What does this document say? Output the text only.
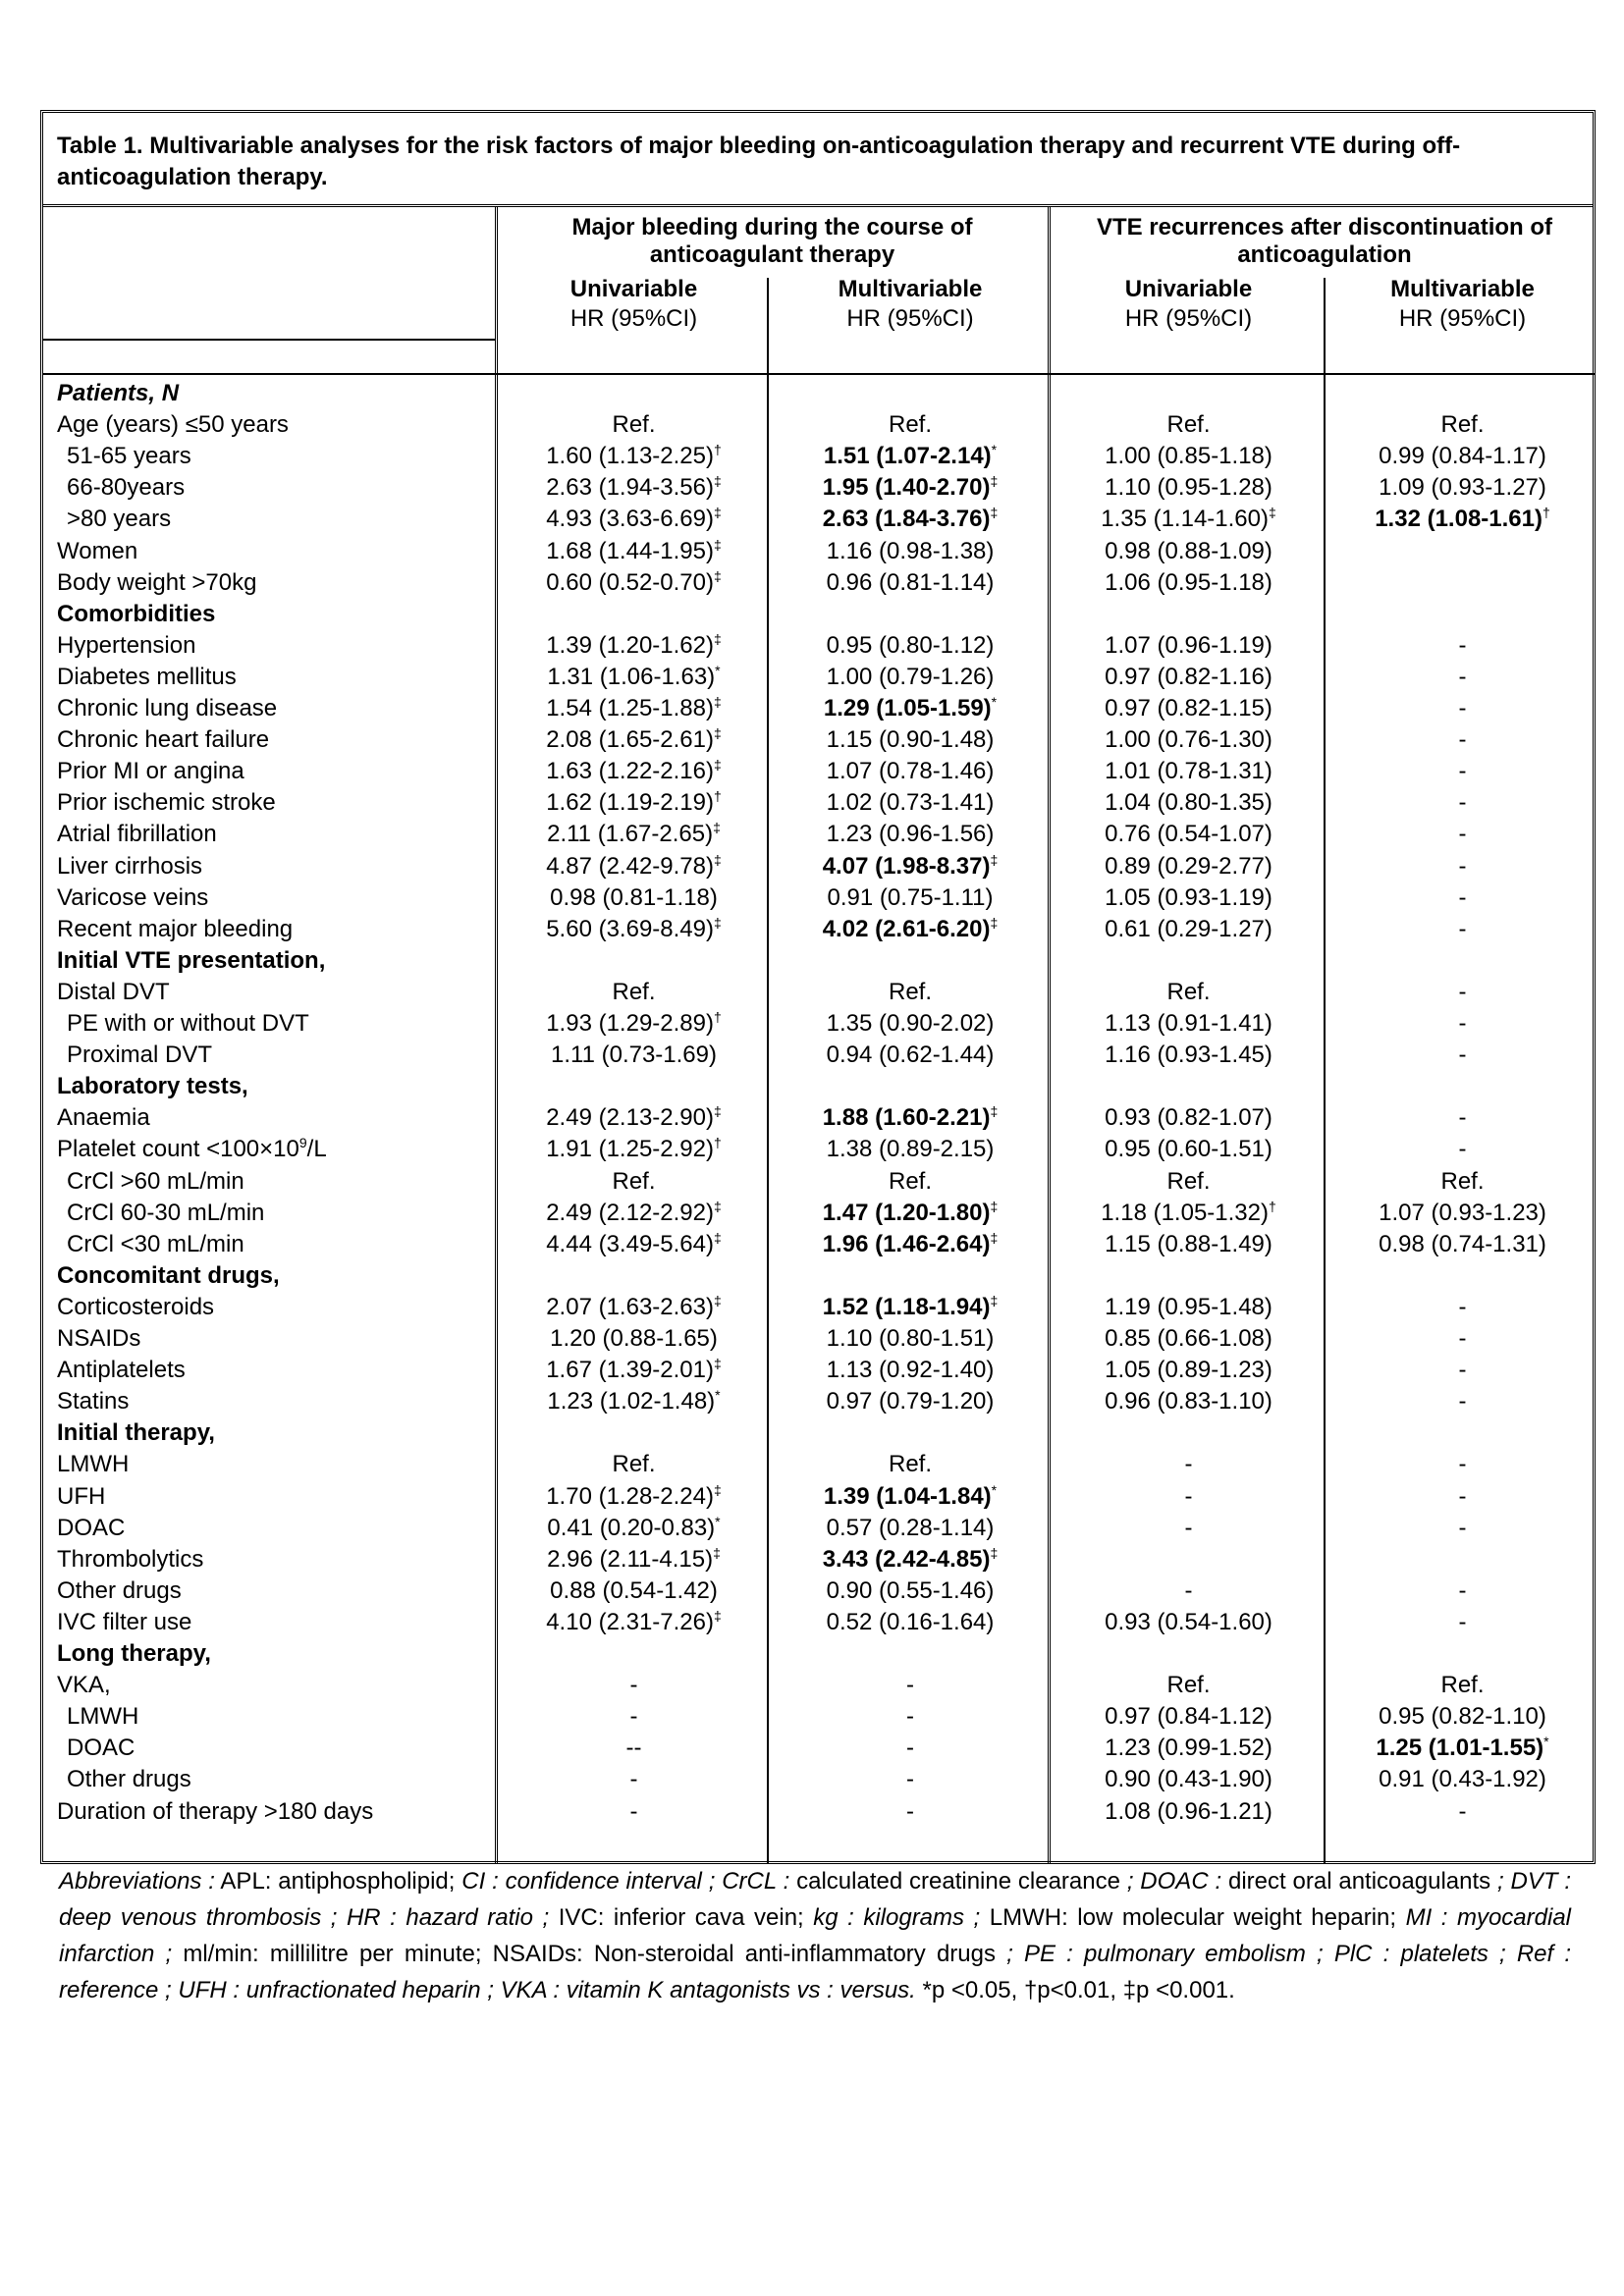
Table 1. Multivariable analyses for the risk factors of major bleeding on-anticoagulation therapy and recurrent VTE during off-anticoagulation therapy.
Major bleeding during the course of anticoagulant therapy
VTE recurrences after discontinuation of anticoagulation
Univariable
HR (95%CI)
Multivariable
HR (95%CI)
Univariable
HR (95%CI)
Multivariable
HR (95%CI)
Patients, N
Age (years) ≤50 years	Ref.	Ref.	Ref.	Ref.
51-65 years	1.60 (1.13-2.25)†	1.51 (1.07-2.14)*	1.00 (0.85-1.18)	0.99 (0.84-1.17)
66-80years	2.63 (1.94-3.56)‡	1.95 (1.40-2.70)‡	1.10 (0.95-1.28)	1.09 (0.93-1.27)
>80 years	4.93 (3.63-6.69)‡	2.63 (1.84-3.76)‡	1.35 (1.14-1.60)‡	1.32 (1.08-1.61)†
Women	1.68 (1.44-1.95)‡	1.16 (0.98-1.38)	0.98 (0.88-1.09)
Body weight >70kg	0.60 (0.52-0.70)‡	0.96 (0.81-1.14)	1.06 (0.95-1.18)
Comorbidities
Hypertension	1.39 (1.20-1.62)‡	0.95 (0.80-1.12)	1.07 (0.96-1.19)	-
Diabetes mellitus	1.31 (1.06-1.63)*	1.00 (0.79-1.26)	0.97 (0.82-1.16)	-
Chronic lung disease	1.54 (1.25-1.88)‡	1.29 (1.05-1.59)*	0.97 (0.82-1.15)	-
Chronic heart failure	2.08 (1.65-2.61)‡	1.15 (0.90-1.48)	1.00 (0.76-1.30)	-
Prior MI or angina	1.63 (1.22-2.16)‡	1.07 (0.78-1.46)	1.01 (0.78-1.31)	-
Prior ischemic stroke	1.62 (1.19-2.19)†	1.02 (0.73-1.41)	1.04 (0.80-1.35)	-
Atrial fibrillation	2.11 (1.67-2.65)‡	1.23 (0.96-1.56)	0.76 (0.54-1.07)	-
Liver cirrhosis	4.87 (2.42-9.78)‡	4.07 (1.98-8.37)‡	0.89 (0.29-2.77)	-
Varicose veins	0.98 (0.81-1.18)	0.91 (0.75-1.11)	1.05 (0.93-1.19)	-
Recent major bleeding	5.60 (3.69-8.49)‡	4.02 (2.61-6.20)‡	0.61 (0.29-1.27)	-
Initial VTE presentation,
Distal DVT	Ref.	Ref.	Ref.	-
PE with or without DVT	1.93 (1.29-2.89)†	1.35 (0.90-2.02)	1.13 (0.91-1.41)	-
Proximal DVT	1.11 (0.73-1.69)	0.94 (0.62-1.44)	1.16 (0.93-1.45)	-
Laboratory tests,
Anaemia	2.49 (2.13-2.90)‡	1.88 (1.60-2.21)‡	0.93 (0.82-1.07)	-
Platelet count $<100\times 10^9/L$	1.91 (1.25-2.92)†	1.38 (0.89-2.15)	0.95 (0.60-1.51)	-
CrCl >60 mL/min	Ref.	Ref.	Ref.	Ref.
CrCl 60-30 mL/min	2.49 (2.12-2.92)‡	1.47 (1.20-1.80)‡	1.18 (1.05-1.32)†	1.07 (0.93-1.23)
CrCl <30 mL/min	4.44 (3.49-5.64)‡	1.96 (1.46-2.64)‡	1.15 (0.88-1.49)	0.98 (0.74-1.31)
Concomitant drugs,
Corticosteroids	2.07 (1.63-2.63)‡	1.52 (1.18-1.94)‡	1.19 (0.95-1.48)	-
NSAIDs	1.20 (0.88-1.65)	1.10 (0.80-1.51)	0.85 (0.66-1.08)	-
Antiplatelets	1.67 (1.39-2.01)‡	1.13 (0.92-1.40)	1.05 (0.89-1.23)	-
Statins	1.23 (1.02-1.48)*	0.97 (0.79-1.20)	0.96 (0.83-1.10)	-
Initial therapy,
LMWH	Ref.	Ref.	-	-
UFH	1.70 (1.28-2.24)‡	1.39 (1.04-1.84)*	-	-
DOAC	0.41 (0.20-0.83)*	0.57 (0.28-1.14)	-	-
Thrombolytics	2.96 (2.11-4.15)‡	3.43 (2.42-4.85)‡
Other drugs	0.88 (0.54-1.42)	0.90 (0.55-1.46)	-	-
IVC filter use	4.10 (2.31-7.26)‡	0.52 (0.16-1.64)	0.93 (0.54-1.60)	-
Long therapy,
VKA,	-	-	Ref.	Ref.
LMWH	-	-	0.97 (0.84-1.12)	0.95 (0.82-1.10)
DOAC	--	-	1.23 (0.99-1.52)	1.25 (1.01-1.55)*
Other drugs	-	-	0.90 (0.43-1.90)	0.91 (0.43-1.92)
Duration of therapy >180 days	-	-	1.08 (0.96-1.21)	-
Abbreviations : APL: antiphospholipid; CI : confidence interval ; CrCL : calculated creatinine clearance ; DOAC : direct oral anticoagulants ; DVT : deep venous thrombosis ; HR : hazard ratio ; IVC: inferior cava vein; kg : kilograms ; LMWH: low molecular weight heparin; MI : myocardial infarction ; ml/min: millilitre per minute; NSAIDs: Non-steroidal anti-inflammatory drugs ; PE : pulmonary embolism ; PlC : platelets ; Ref : reference ; UFH : unfractionated heparin ; VKA : vitamin K antagonists vs : versus. *p <0.05, †p<0.01, ‡p <0.001.
